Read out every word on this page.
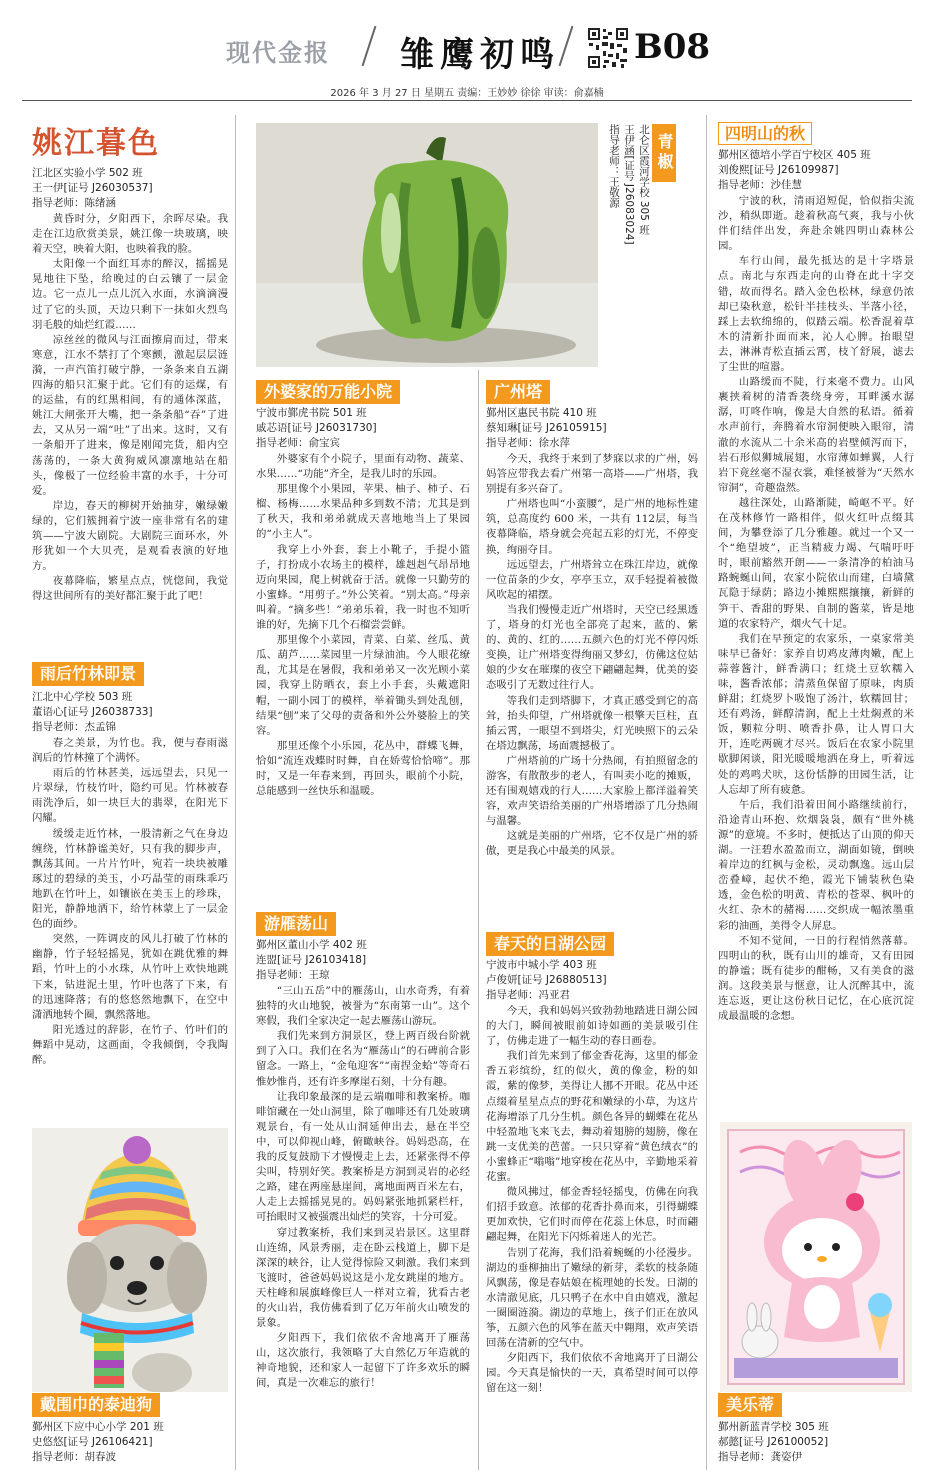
现代金报 雏鹰初鸣 B08
2026 年 3 月 27 日 星期五 责编：王妙妙 徐徐 审读：俞嘉楠
姚江暮色
江北区实验小学 502 班
王一伊[证号 J26030537]
指导老师：陈绪涵

黄昏时分，夕阳西下，余晖尽染。我走在江边欣赏美景，姚江像一块玻璃，映着天空，映着大阳，也映着我的脸。

太阳像一个面红耳赤的醉汉，摇摇晃晃地往下坠，给晚过的白云镶了一层金边。它一点儿一点儿沉入水面，水滴滴漫过了它的头顶，天边只剩下一抹如火烈鸟羽毛般的灿烂红霞……

凉丝丝的微风与江面擦肩而过，带来寒意，江水不禁打了个寒颤，激起层层涟漪，一声汽笛打破宁静，一条条来自五湖四海的船只汇聚于此。它们有的运煤，有的运盐，有的红黑相间，有的通体深蓝，姚江大闸张开大嘴，把一条条船“吞”了进去，又从另一端“吐”了出来。这时，又有一条船开了进来，像是刚闻完货，船内空荡荡的，一条大黄狗威风凛凛地站在船头，像极了一位经验丰富的水手，十分可爱。

岸边，春天的柳树开始抽芽，嫩绿嫩绿的，它们簇拥着宁波一座非常有名的建筑——宁波大剧院。大剧院三面环水，外形犹如一个大贝壳，是观看表演的好地方。

夜幕降临，繁星点点，恍惚间，我觉得这世间所有的美好都汇聚于此了吧！

雨后竹林即景
江北中心学校 503 班
董语心[证号 J26038733]
指导老师：杰孟锦

春之美景，为竹也。我，便与春雨滋润后的竹林撞了个满怀。

雨后的竹林甚美，远远望去，只见一片翠绿，竹枝竹叶，隐约可见。竹林被春雨洗净后，如一块巨大的翡翠，在阳光下闪耀。

缓缓走近竹林，一股清新之气在身边缠绕，竹林静谧美好，只有我的脚步声，飘荡其间。一片片竹叶，宛若一块块被雕琢过的碧绿的美玉，小巧晶莹的雨珠乖巧地趴在竹叶上，如镶嵌在美玉上的珍珠，阳光，静静地洒下，给竹林蒙上了一层金色的面纱。

突然，一阵调皮的风儿打破了竹林的幽静，竹子轻轻摇晃，犹如在跳优雅的舞蹈，竹叶上的小水珠，从竹叶上欢快地跳下来，钻进泥土里，竹叶也落了下来，有的迅速降落；有的悠悠然地飘下，在空中潇洒地转个圈，飘然落地。

阳光透过的辞影，在竹子、竹叶们的舞蹈中晃动，这画面，令我倾倒，令我陶醉。

戴围巾的泰迪狗
鄞州区下应中心小学 201 班
史悠悠[证号 J26106421]
指导老师：胡春波
青椒
北仑区霞河学校 305 班
王伊涵[证号 J26083024]
指导老师：王敬源
外婆家的万能小院
宁波市鄞虎书院 501 班
戚芯语[证号 J26031730]
指导老师：俞宝宾

外婆家有个小院子，里面有动物、蔬菜、水果……“功能”齐全，是我儿时的乐园。

那里像个小果园，苹果、柚子、柿子、石榴、杨梅……水果品种多到数不清；尤其是到了秋天，我和弟弟就成天喜地地当上了果园的“小主人”。

我穿上小外套，套上小靴子，手提小篮子，打扮成小农场主的模样，雄赳赳气昂昂地迈向果园，爬上树就奋于活。就像一只勤劳的小蜜蜂。“用剪子。”外公笑着。“别太高。”母亲叫着。“摘多些！”弟弟乐着，我一时也不知听谁的好，先摘下几个石榴尝尝鲜。

那里像个小菜园，青菜、白菜、丝瓜、黄瓜、葫芦……菜园里一片绿油油。今人眼花缭乱，尤其是在暑假，我和弟弟又一次光顾小菜园，我穿上防晒衣，套上小手套，头戴遮阳帽，一副小园丁的模样，举着锄头到处乱刨，结果“刨”来了父母的责备和外公外婆脸上的笑容。

那里还像个小乐园，花丛中，群蝶飞舞，恰如“流连戏蝶时时舞，自在娇莺恰恰啼”。那时，又是一年春来到，再回头，眼前个小院，总能感到一丝快乐和温暖。

游雁荡山
鄞州区董山小学 402 班
连盟[证号 J26103418]
指导老师：王琼

“三山五岳”中的雁荡山，山水奇秀，有着独特的火山地貌，被誉为“东南第一山”。这个寒假，我们全家决定一起去雁荡山游玩。

我们先来到方洞景区，登上两百级台阶就到了入口。我们在名为“雁荡山”的石碑前合影留念。一路上，“金龟迎客”“南捏金蛤”等奇石惟妙惟肖，还有许多摩崖石刻，十分有趣。

让我印象最深的是云端咖啡和教案桥。咖啡馆藏在一处山洞里，除了咖啡还有几处玻璃观景台，有一处从山洞延伸出去，悬在半空中，可以仰视山峰，俯瞰峡谷。妈妈恐高，在我的反复鼓励下才慢慢走上去，还紧张得不停尖叫，特别好笑。教案桥是方洞到灵岩的必经之路，建在两座悬崖间，离地面两百米左右，人走上去摇摇晃晃的。妈妈紧张地抓紧栏杆，可抬眼时又被强震出灿烂的笑容，十分可爱。

穿过教案桥，我们来到灵岩景区。这里群山连绵，风景秀丽，走在卧云栈道上，脚下是深深的峡谷，让人觉得惊险又刺激。我们来到飞渡时，爸爸妈妈说这是小龙女跳崖的地方。天柱峰和展旗峰像巨人一样对立着，犹看古老的火山岩，我仿佛看到了亿万年前火山喷发的景象。

夕阳西下，我们依依不舍地离开了雁荡山，这次旅行，我领略了大自然亿万年造就的神奇地貌，还和家人一起留下了许多欢乐的瞬间，真是一次难忘的旅行！

广州塔
鄞州区惠民书院 410 班
蔡知琳[证号 J26105915]
指导老师：徐水萍

今天，我终于来到了梦寐以求的广州，妈妈答应带我去看广州第一高塔——广州塔，我别提有多兴奋了。

广州塔也叫“小蛮腰”，是广州的地标性建筑，总高度约 600 米，一共有 112层，每当夜幕降临，塔身就会亮起五彩的灯光，不停变换，绚丽夺目。

远远望去，广州塔耸立在珠江岸边，就像一位苗条的少女，亭亭玉立，双手轻提着被微风吹起的裙摆。

当我们慢慢走近广州塔时，天空已经黑透了，塔身的灯光也全部亮了起来，蓝的、紫的、黄的、红的……五颜六色的灯光不停闪烁变换，让广州塔变得绚丽又梦幻，仿佛这位姑娘的少女在璀璨的夜空下翩翩起舞，优美的姿态吸引了无数过往行人。

等我们走到塔脚下，才真正感受到它的高耸，抬头仰望，广州塔就像一根擎天巨柱，直插云霄，一眼望不到塔尖，灯光映照下的云朵在塔边飘荡，场面震撼极了。

广州塔前的广场十分热闹，有拍照留念的游客，有散散步的老人，有叫卖小吃的摊贩，还有围观嬉戏的行人……大家脸上都洋溢着笑容，欢声笑语给美丽的广州塔增添了几分热闹与温馨。

这就是美丽的广州塔，它不仅是广州的骄傲，更是我心中最美的风景。

春天的日湖公园
宁波市中城小学 403 班
卢俊妍[证号 J26880513]
指导老师：冯亚君

今天，我和妈妈兴致勃勃地踏进日湖公园的大门，瞬间被眼前如诗如画的美景吸引住了，仿佛走进了一幅生动的春日画卷。

我们首先来到了郁金香花海，这里的郁金香五彩缤纷，红的似火，黄的像金，粉的如霞，紫的像梦，美得让人挪不开眼。花丛中还点缀着星星点点的野花和嫩绿的小草，为这片花海增添了几分生机。颜色各异的蝴蝶在花丛中轻盈地飞来飞去，舞动着翅膀的翅膀，像在跳一支优美的芭蕾。一只只穿着“黄色绒衣”的小蜜蜂正“嗡嗡”地穿梭在花丛中，辛勤地采着花蜜。

微风拂过，郁金香轻轻摇曳，仿佛在向我们招手致意。浓郁的花香扑鼻而来，引得蝴蝶更加欢快，它们时而停在花蕊上休息，时而翩翩起舞，在阳光下闪烁着迷人的光芒。

告别了花海，我们沿着蜿蜒的小径漫步。湖边的垂柳抽出了嫩绿的新芽，柔软的枝条随风飘荡，像是春姑娘在梳理她的长发。日湖的水清澈见底，几只鸭子在水中自由嬉戏，激起一圈圈涟漪。湖边的草地上，孩子们正在放风筝，五颜六色的风筝在蓝天中翱翔，欢声笑语回荡在清新的空气中。

夕阳西下，我们依依不舍地离开了日湖公园。今天真是愉快的一天，真希望时间可以停留在这一刻！

四明山的秋
鄞州区德培小学百宁校区 405 班
刘俊熙[证号 J26109987]
指导老师：沙佳慧

宁波的秋，清雨迢短促，恰似指尖流沙，稍纵即逝。趁着秋高气爽，我与小伙伴们结伴出发，奔赴余姚四明山森林公园。

车行山间，最先抵达的是十字塔景点。南北与东西走向的山脊在此十字交错，故而得名。踏入金色松林，绿意仍浓却已染秋意，松针半挂枝头、半落小径，踩上去软绵绵的，似踏云端。松香混着草木的清新扑面而来，沁人心脾。抬眼望去，淋淋青松直插云霄，枝丫舒展，滤去了尘世的喧嚣。

山路缓而不陡，行来毫不费力。山风裹挟着树的清香袭绕身旁，耳畔溪水潺潺，叮咚作响，像是大自然的私语。循着水声前行，奔腾着水帘洞便映入眼帘，清澈的水流从二十余米高的岩壁倾泻而下，岩石形似狮城展翅，水帘薄如蝉翼，人行岩下竟丝毫不湿衣裳，难怪被誉为“天然水帘洞”，奇趣盎然。

越往深处，山路渐陡，崎岖不平。好在茂林修竹一路相伴，似火红叶点缀其间，为攀登添了几分雅趣。就过一个又一个“绝望坡”，正当精疲力竭、气喘吁吁时，眼前豁然开朗——一条清净的柏油马路蜿蜒山间，农家小院依山而建，白墙黛瓦隐于绿荫；路边小摊熙熙攘攘，新鲜的笋干、香甜的野果、自制的酱菜，皆是地道的农家特产，烟火气十足。

我们在早预定的农家乐，一桌家常美味早已备好：家养自切鸡皮薄肉嫩，配上蒜蓉酱汁，鲜香满口；红烧土豆软糯入味，酱香浓郁；清蒸鱼保留了原味，肉质鲜甜；红烧罗卜吸饱了汤汁，软糯回甘；还有鸡汤，鲜醇清润，配上土灶焖煮的米饭，颗粒分明、喷香扑鼻，让人胃口大开，连吃两碗才尽兴。饭后在农家小院里歇脚闲谈，阳光暖暖地洒在身上，听着远处的鸡鸣犬吠，这份恬静的田园生活，让人忘却了所有疲惫。

午后，我们沿着田间小路继续前行，沿途青山环抱、炊烟袅袅，颇有“世外桃源”的意境。不多时，便抵达了山顶的仰天湖。一汪碧水盈盈而立，湖面如镜，倒映着岸边的红枫与金松，灵动飘逸。远山层峦叠嶂，起伏不绝，霞光下铺装秋色染透，金色松的明黄、青松的苍翠、枫叶的火红、杂木的赭褐……交织成一幅浓墨重彩的油画，美得令人屏息。

不知不觉间，一日的行程悄然落幕。四明山的秋，既有山川的雄奇，又有田园的静谧；既有徒步的酣畅，又有美食的滋润。这段美景与惬意，让人沉醉其中，流连忘返，更让这份秋日记忆，在心底沉淀成最温暖的念想。

美乐蒂
鄞州新蓝青学校 305 班
郝懿[证号 J26100052]
指导老师：龚姿伊
